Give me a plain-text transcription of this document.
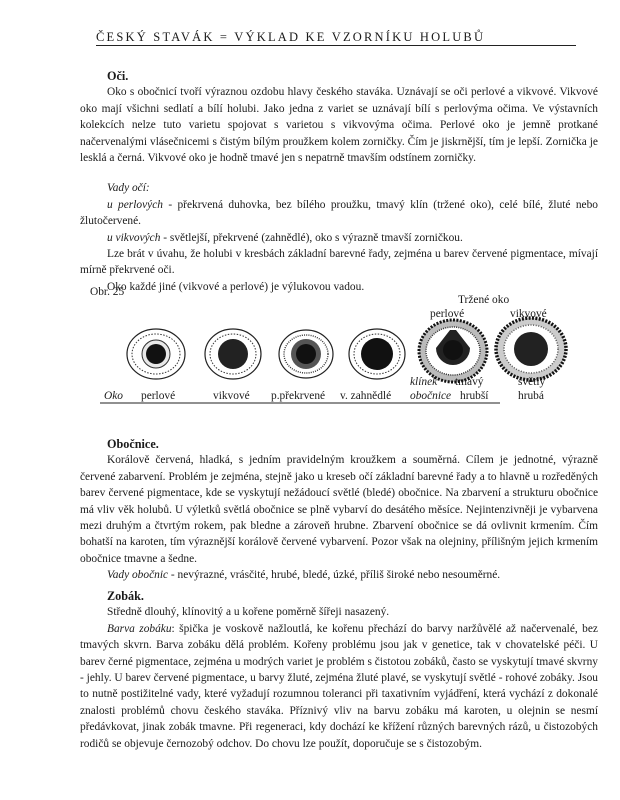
ČESKÝ STAVÁK = VÝKLAD KE VZORNÍKU HOLUBŮ
Oči.

Oko s obočnicí tvoří výraznou ozdobu hlavy českého staváka. Uznávají se oči perlové a vikvové. Vikvové oko mají všichni sedlatí a bílí holubi. Jako jedna z variet se uznávají bílí s perlovýma očima. Ve výstavních kolekcích nelze tuto varietu spojovat s varietou s vikvovýma očima. Perlové oko je jemně protkané načervenalými vlásečnicemi s čistým bílým proužkem kolem zorničky. Čím je jiskrnější, tím je lepší. Zornička je lesklá a černá. Vikvové oko je hodně tmavé jen s nepatrně tmavším odstínem zorničky.

Vady očí:

u perlových - překrvená duhovka, bez bílého proužku, tmavý klín (tržené oko), celé bílé, žluté nebo žlutočervené.

u vikvových - světlejší, překrvené (zahnědlé), oko s výrazně tmavší zorničkou.

Lze brát v úvahu, že holubi v kresbách základní barevné řady, zejména u barev červené pigmentace, mívají mírně překrvené oči.

Oko každé jiné (vikvové a perlové) je výlukovou vadou.

Obr. 25
Oko
Tržené oko
perlové	vikvové
perlové	vikvové p.překrvené v. zahnědlé
klínek
obočnice
tmavý
hrubší
světlý
hrubá
Obočnice.

Korálově červená, hladká, s jedním pravidelným kroužkem a souměrná. Cílem je jednotné, výrazně červené zabarvení. Problém je zejména, stejně jako u kreseb očí základní barevné řady a to hlavně u rozředěných barev červené pigmentace, kde se vyskytují nežádoucí světlé (bledé) obočnice. Na zbarvení a strukturu obočnice má vliv věk holubů. U výletků světlá obočnice se plně vybarví do desátého měsíce. Nejintenzivněji je vybarvena mezi druhým a čtvrtým rokem, pak bledne a zároveň hrubne. Zbarvení obočnice se dá ovlivnit krmením. Čím bohatší na karoten, tím výraznější korálově červené vybarvení. Pozor však na olejniny, přílišným jejich krmením obočnice tmavne a šedne.

Vady obočnic - nevýrazné, vrásčité, hrubé, bledé, úzké, příliš široké nebo nesouměrné.

Zobák.

Středně dlouhý, klínovitý a u kořene poměrně šířeji nasazený.

Barva zobáku: špička je voskově nažloutlá, ke kořenu přechází do barvy naržůvělé až načervenalé, bez tmavých skvrn. Barva zobáku dělá problém. Kořeny problému jsou jak v genetice, tak v chovatelské péči. U barev černé pigmentace, zejména u modrých variet je problém s čistotou zobáků, často se vyskytují tmavé skvrny - jehly. U barev červené pigmentace, u barvy žluté, zejména žluté plavé, se vyskytují světlé - rohové zobáky. Jsou to nutně postižitelné vady, které vyžadují rozumnou toleranci při taxativním vyjádření, která vychází z dokonalé znalosti problémů chovu českého staváka. Příznivý vliv na barvu zobáku má karoten, u olejnin se nesmí předávkovat, jinak zobák tmavne. Při regeneraci, kdy dochází ke křížení různých barevných rázů, u čistozobých rodičů se objevuje černozobý odchov. Do chovu lze použít, doporučuje se s čistozobým.
